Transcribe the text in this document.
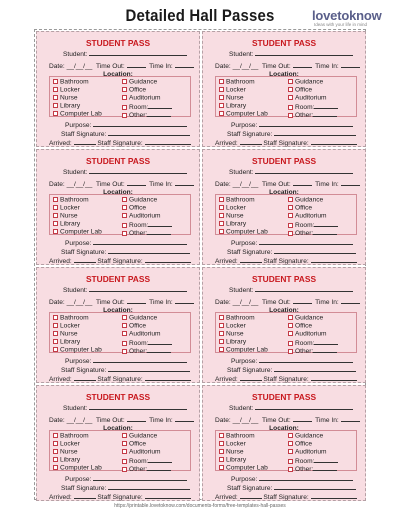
Detailed Hall Passes	lovetoknow
Ideas with your life in mind
STUDENT PASS
Student:
Date: __/__/__ Time Out:	Time In:
Location:
Bathroom
Locker
Nurse
Library
Computer Lab
Guidance
Office
Auditorium
Room:
Other:
Purpose:
Staff Signature:
Arrived:	Staff Signature:
STUDENT PASS
Student:
Date: __/__/__ Time Out:	Time In:
Location:
Bathroom
Locker
Nurse
Library
Computer Lab
Guidance
Office
Auditorium
Room:
Other:
Purpose:
Staff Signature:
Arrived:	Staff Signature:
STUDENT PASS
Student:
Date: __/__/__ Time Out:	Time In:
Location:
Bathroom
Locker
Nurse
Library
Computer Lab
Guidance
Office
Auditorium
Room:
Other:
Purpose:
Staff Signature:
Arrived:	Staff Signature:
STUDENT PASS
Student:
Date: __/__/__ Time Out:	Time In:
Location:
Bathroom
Locker
Nurse
Library
Computer Lab
Guidance
Office
Auditorium
Room:
Other:
Purpose:
Staff Signature:
Arrived:	Staff Signature:
STUDENT PASS
Student:
Date: __/__/__ Time Out:	Time In:
Location:
Bathroom
Locker
Nurse
Library
Computer Lab
Guidance
Office
Auditorium
Room:
Other:
Purpose:
Staff Signature:
Arrived:	Staff Signature:
STUDENT PASS
Student:
Date: __/__/__ Time Out:	Time In:
Location:
Bathroom
Locker
Nurse
Library
Computer Lab
Guidance
Office
Auditorium
Room:
Other:
Purpose:
Staff Signature:
Arrived:	Staff Signature:
STUDENT PASS
Student:
Date: __/__/__ Time Out:	Time In:
Location:
Bathroom
Locker
Nurse
Library
Computer Lab
Guidance
Office
Auditorium
Room:
Other:
Purpose:
Staff Signature:
Arrived:	Staff Signature:
STUDENT PASS
Student:
Date: __/__/__ Time Out:	Time In:
Location:
Bathroom
Locker
Nurse
Library
Computer Lab
Guidance
Office
Auditorium
Room:
Other:
Purpose:
Staff Signature:
Arrived:	Staff Signature:
https://printable.lovetoknow.com/documents-forms/free-templates-hall-passes
